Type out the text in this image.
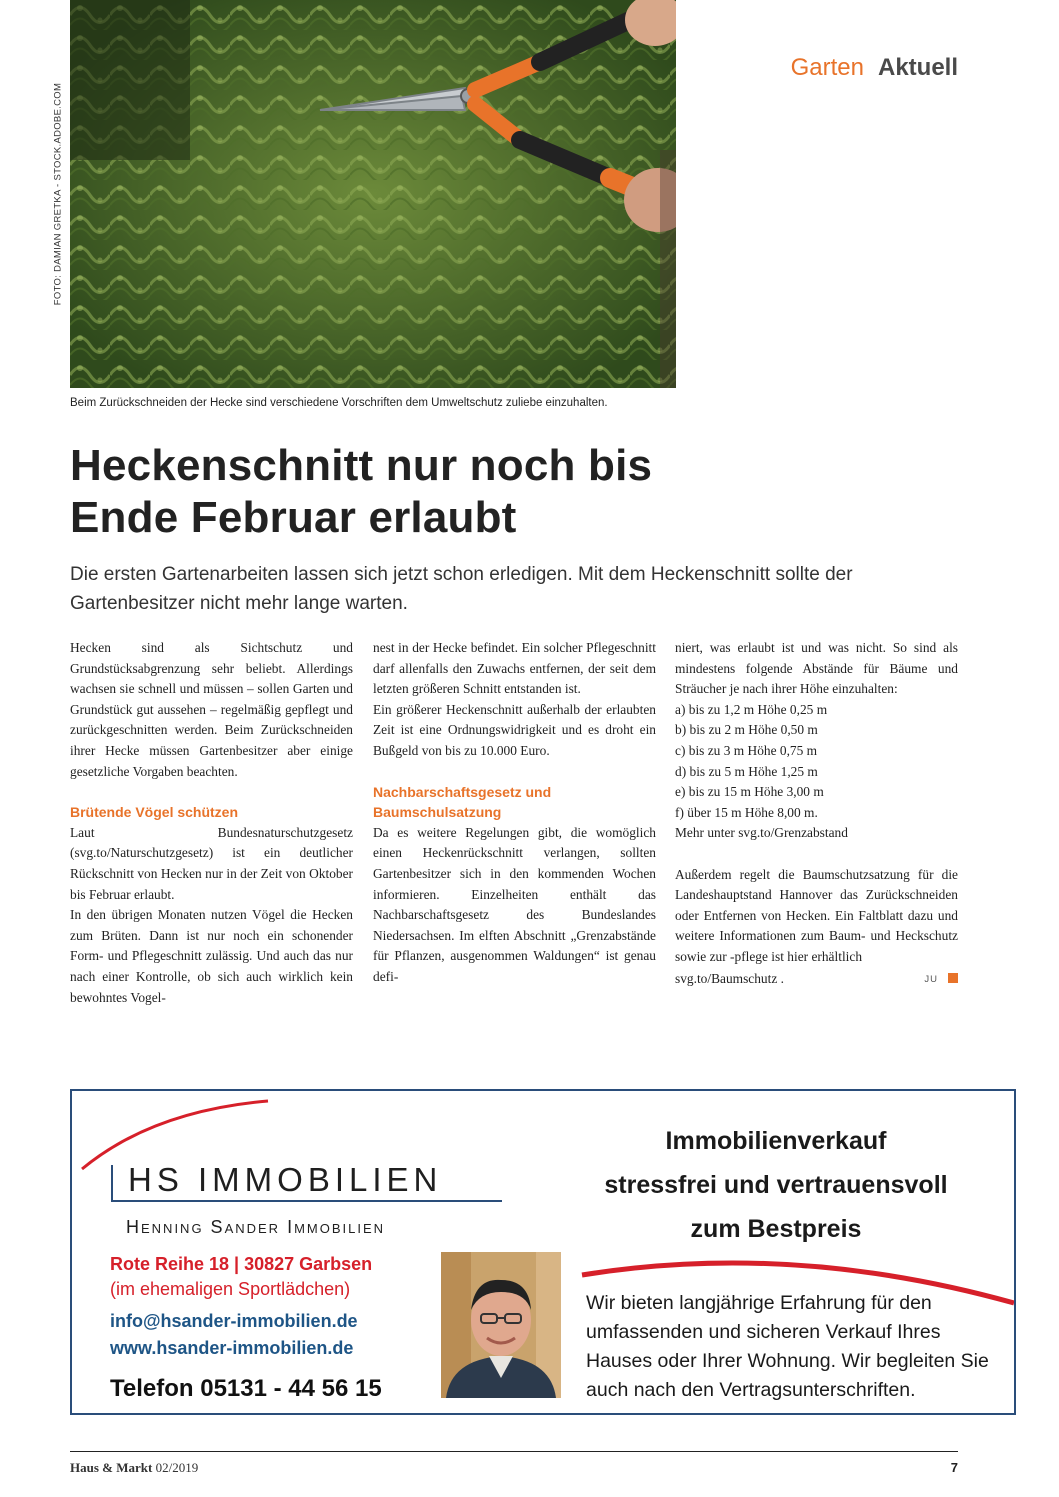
FOTO: DAMIAN GRETKA - STOCK.ADOBE.COM
Beim Zurückschneiden der Hecke sind verschiedene Vorschriften dem Umweltschutz zuliebe einzuhalten.
Garten Aktuell
Heckenschnitt nur noch bis
Ende Februar erlaubt

Die ersten Gartenarbeiten lassen sich jetzt schon erledigen. Mit dem Heckenschnitt sollte der Gartenbesitzer nicht mehr lange warten.

Hecken sind als Sichtschutz und Grundstücksabgrenzung sehr beliebt. Allerdings wachsen sie schnell und müssen – sollen Garten und Grundstück gut aussehen – regelmäßig gepflegt und zurückgeschnitten werden. Beim Zurückschneiden ihrer Hecke müssen Gartenbesitzer aber einige gesetzliche Vorgaben beachten.

Brütende Vögel schützen

Laut Bundesnaturschutzgesetz (svg.to/Naturschutzgesetz) ist ein deutlicher Rückschnitt von Hecken nur in der Zeit von Oktober bis Februar erlaubt.

In den übrigen Monaten nutzen Vögel die Hecken zum Brüten. Dann ist nur noch ein schonender Form- und Pflegeschnitt zulässig. Und auch das nur nach einer Kontrolle, ob sich auch wirklich kein bewohntes Vogel-

nest in der Hecke befindet. Ein solcher Pflegeschnitt darf allenfalls den Zuwachs entfernen, der seit dem letzten größeren Schnitt entstanden ist.

Ein größerer Heckenschnitt außerhalb der erlaubten Zeit ist eine Ordnungswidrigkeit und es droht ein Bußgeld von bis zu 10.000 Euro.

Nachbarschaftsgesetz und Baumschulsatzung

Da es weitere Regelungen gibt, die womöglich einen Heckenrückschnitt verlangen, sollten Gartenbesitzer sich in den kommenden Wochen informieren. Einzelheiten enthält das Nachbarschaftsgesetz des Bundeslandes Niedersachsen. Im elften Abschnitt „Grenzabstände für Pflanzen, ausgenommen Waldungen“ ist genau defi-

niert, was erlaubt ist und was nicht. So sind als mindestens folgende Abstände für Bäume und Sträucher je nach ihrer Höhe einzuhalten:

a) bis zu 1,2 m Höhe 0,25 m

b) bis zu 2 m Höhe 0,50 m

c) bis zu 3 m Höhe 0,75 m

d) bis zu 5 m Höhe 1,25 m

e) bis zu 15 m Höhe 3,00 m

f) über 15 m Höhe 8,00 m.

Mehr unter svg.to/Grenzabstand

Außerdem regelt die Baumschutzsatzung für die Landeshauptstand Hannover das Zurückschneiden oder Entfernen von Hecken. Ein Faltblatt dazu und weitere Informationen zum Baum- und Heckschutz sowie zur -pflege ist hier erhältlich

svg.to/Baumschutz .	JU

HS IMMOBILIEN
Henning Sander Immobilien
Rote Reihe 18 | 30827 Garbsen
(im ehemaligen Sportlädchen)
info@hsander-immobilien.de
www.hsander-immobilien.de
Telefon 05131 - 44 56 15
Immobilienverkauf
stressfrei und vertrauensvoll
zum Bestpreis
Wir bieten langjährige Erfahrung für den umfassenden und sicheren Verkauf Ihres Hauses oder Ihrer Wohnung. Wir begleiten Sie auch nach den Vertragsunterschriften.
Haus & Markt 02/2019	7
